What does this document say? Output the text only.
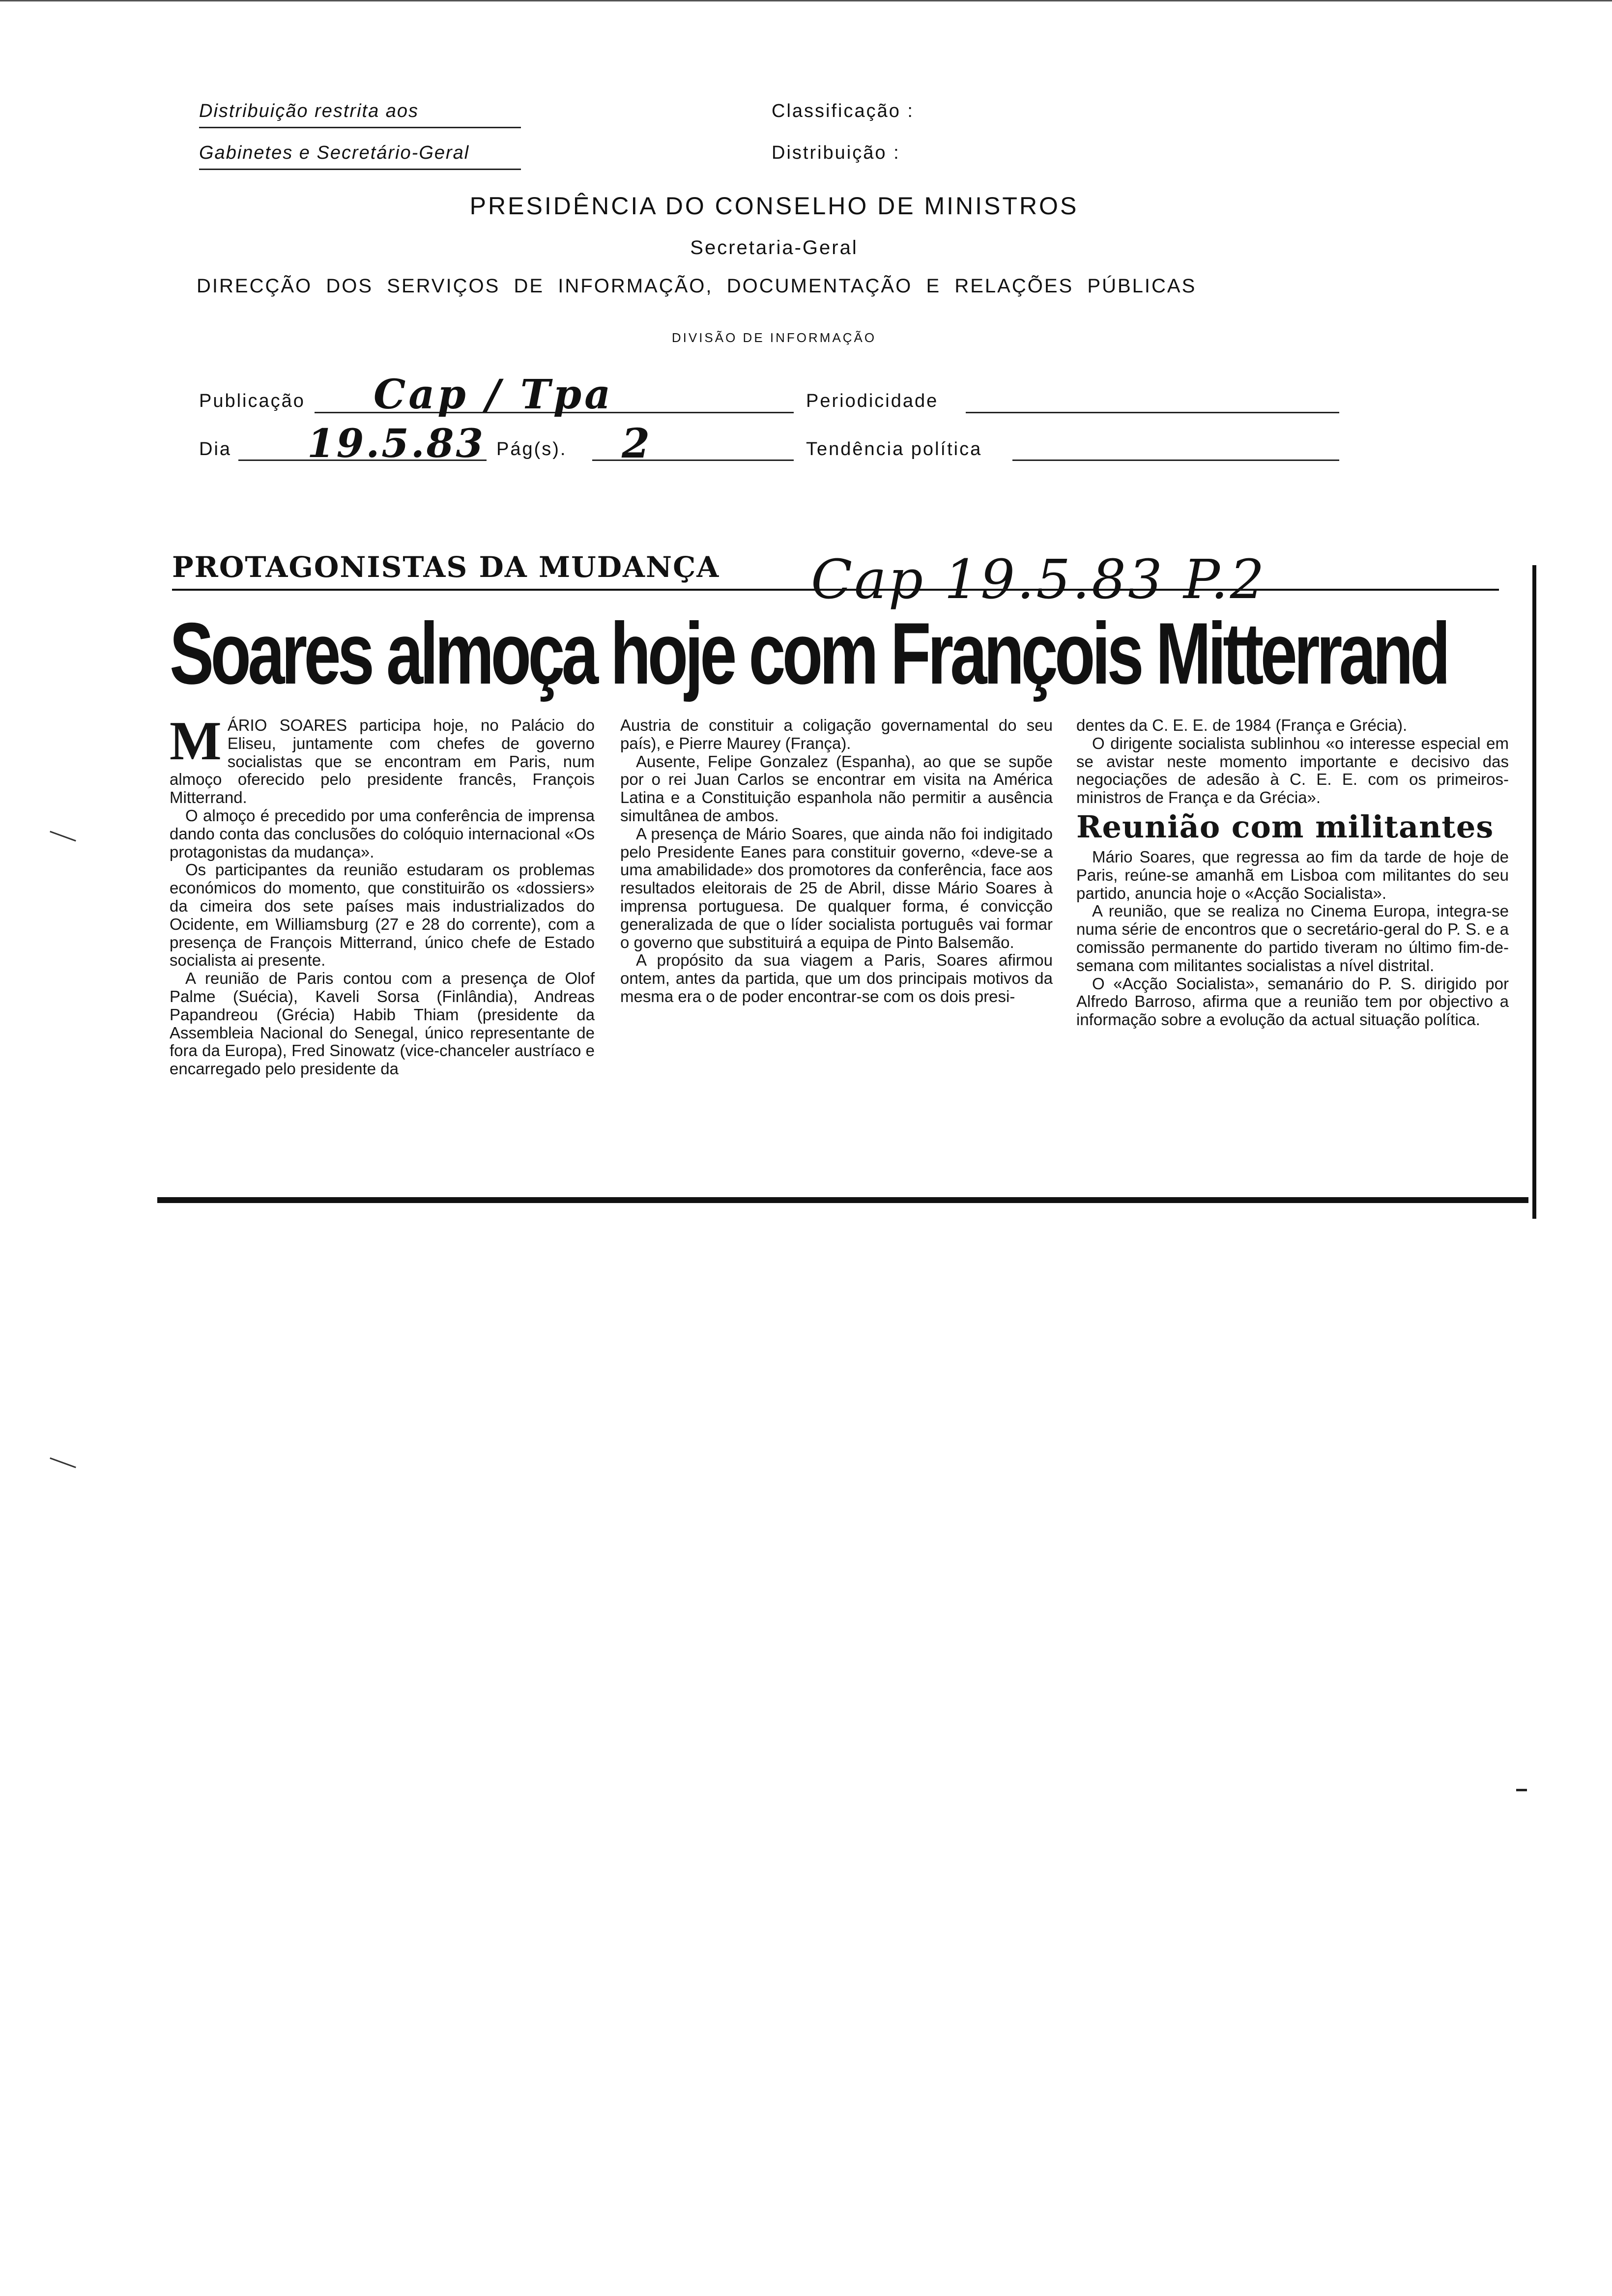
Distribuição restrita aos
Gabinetes e Secretário-Geral
Classificação :
Distribuição :
PRESIDÊNCIA DO CONSELHO DE MINISTROS
Secretaria-Geral
DIRECÇÃO  DOS  SERVIÇOS  DE  INFORMAÇÃO,  DOCUMENTAÇÃO  E  RELAÇÕES  PÚBLICAS
DIVISÃO DE INFORMAÇÃO
Publicação Cap / Tpa	Periodicidade
Dia 19.5.83 Pág(s). 2	Tendência política
PROTAGONISTAS DA MUDANÇA Cap 19.5.83 P.2
Soares almoça hoje com François Mitterrand
M ÁRIO SOARES participa hoje, no Palácio do Eliseu, juntamente com chefes de governo socialistas que se encontram em Paris, num almoço oferecido pelo presidente francês, François Mitterrand.

O almoço é precedido por uma conferência de imprensa dando conta das conclusões do colóquio internacional «Os protagonistas da mudança».

Os participantes da reunião estudaram os problemas económicos do momento, que constituirão os «dossiers» da cimeira dos sete países mais industrializados do Ocidente, em Williamsburg (27 e 28 do corrente), com a presença de François Mitterrand, único chefe de Estado socialista ai presente.

A reunião de Paris contou com a presença de Olof Palme (Suécia), Kaveli Sorsa (Finlândia), Andreas Papandreou (Grécia) Habib Thiam (presidente da Assembleia Nacional do Senegal, único representante de fora da Europa), Fred Sinowatz (vice-chanceler austríaco e encarregado pelo presidente da

Austria de constituir a coligação governamental do seu país), e Pierre Maurey (França).

Ausente, Felipe Gonzalez (Espanha), ao que se supõe por o rei Juan Carlos se encontrar em visita na América Latina e a Constituição espanhola não permitir a ausência simultânea de ambos.

A presença de Mário Soares, que ainda não foi indigitado pelo Presidente Eanes para constituir governo, «deve-se a uma amabilidade» dos promotores da conferência, face aos resultados eleitorais de 25 de Abril, disse Mário Soares à imprensa portuguesa. De qualquer forma, é convicção generalizada de que o líder socialista português vai formar o governo que substituirá a equipa de Pinto Balsemão.

A propósito da sua viagem a Paris, Soares afirmou ontem, antes da partida, que um dos principais motivos da mesma era o de poder encontrar-se com os dois presi-

dentes da C. E. E. de 1984 (França e Grécia).

O dirigente socialista sublinhou «o interesse especial em se avistar neste momento importante e decisivo das negociações de adesão à C. E. E. com os primeiros-ministros de França e da Grécia».

Reunião com militantes

Mário Soares, que regressa ao fim da tarde de hoje de Paris, reúne-se amanhã em Lisboa com militantes do seu partido, anuncia hoje o «Acção Socialista».

A reunião, que se realiza no Cinema Europa, integra-se numa série de encontros que o secretário-geral do P. S. e a comissão permanente do partido tiveram no último fim-de-semana com militantes socialistas a nível distrital.

O «Acção Socialista», semanário do P. S. dirigido por Alfredo Barroso, afirma que a reunião tem por objectivo a informação sobre a evolução da actual situação política.
